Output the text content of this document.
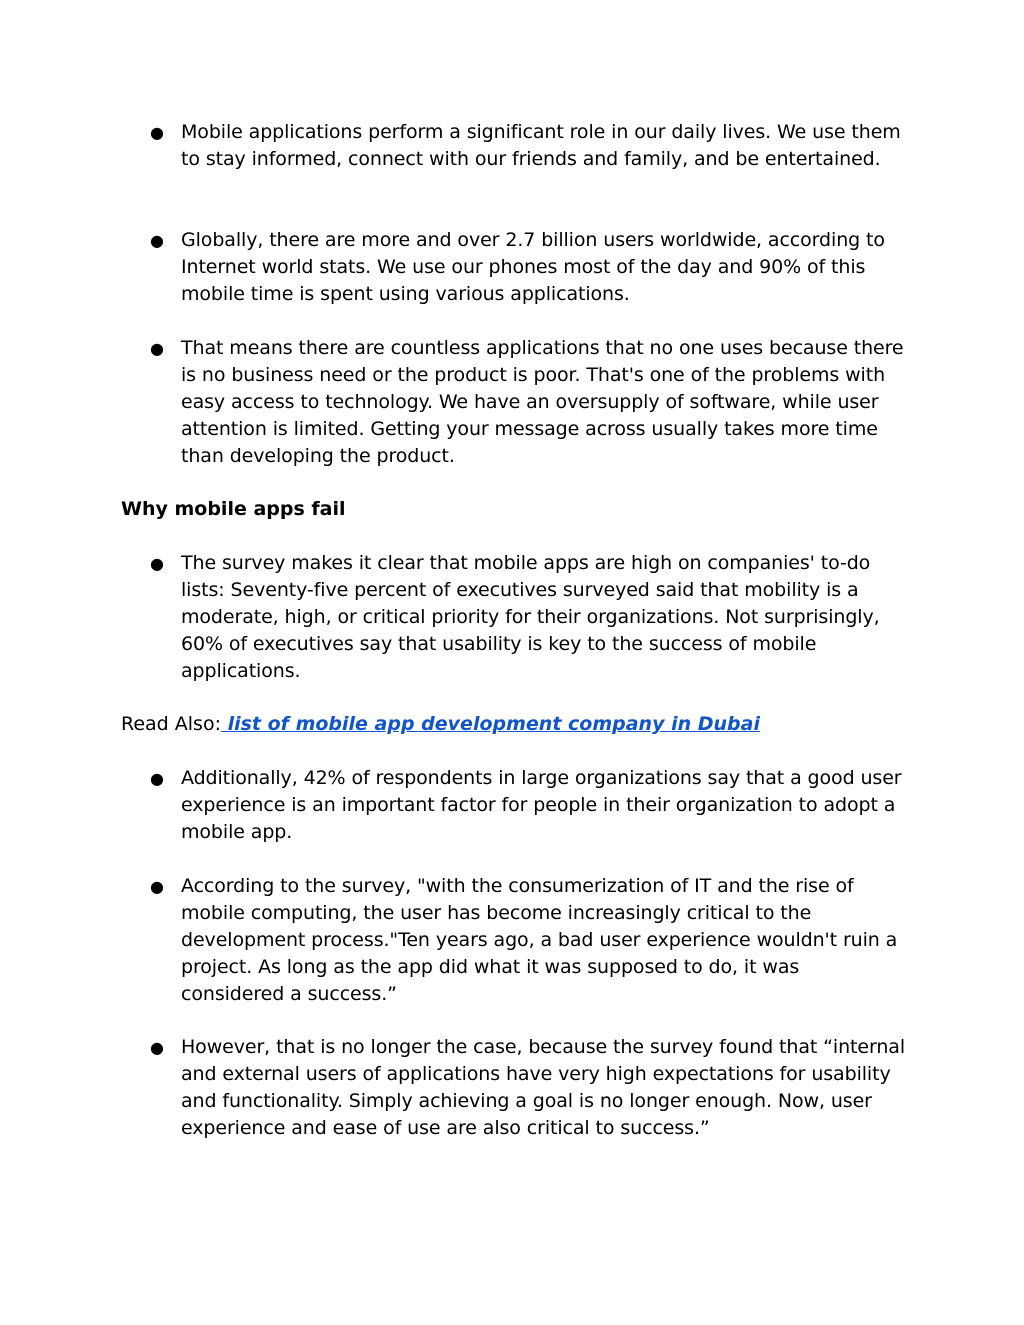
● Mobile applications perform a significant role in our daily lives. We use them to stay informed, connect with our friends and family, and be entertained.
● Globally, there are more and over 2.7 billion users worldwide, according to Internet world stats. We use our phones most of the day and 90% of this mobile time is spent using various applications.
● That means there are countless applications that no one uses because there is no business need or the product is poor. That's one of the problems with easy access to technology. We have an oversupply of software, while user attention is limited. Getting your message across usually takes more time than developing the product.
Why mobile apps fail
● The survey makes it clear that mobile apps are high on companies' to-do lists: Seventy-five percent of executives surveyed said that mobility is a moderate, high, or critical priority for their organizations. Not surprisingly, 60% of executives say that usability is key to the success of mobile applications.
Read Also: list of mobile app development company in Dubai
● Additionally, 42% of respondents in large organizations say that a good user experience is an important factor for people in their organization to adopt a mobile app.
● According to the survey, "with the consumerization of IT and the rise of mobile computing, the user has become increasingly critical to the development process."Ten years ago, a bad user experience wouldn't ruin a project. As long as the app did what it was supposed to do, it was considered a success.”
● However, that is no longer the case, because the survey found that “internal and external users of applications have very high expectations for usability and functionality. Simply achieving a goal is no longer enough. Now, user experience and ease of use are also critical to success.”
